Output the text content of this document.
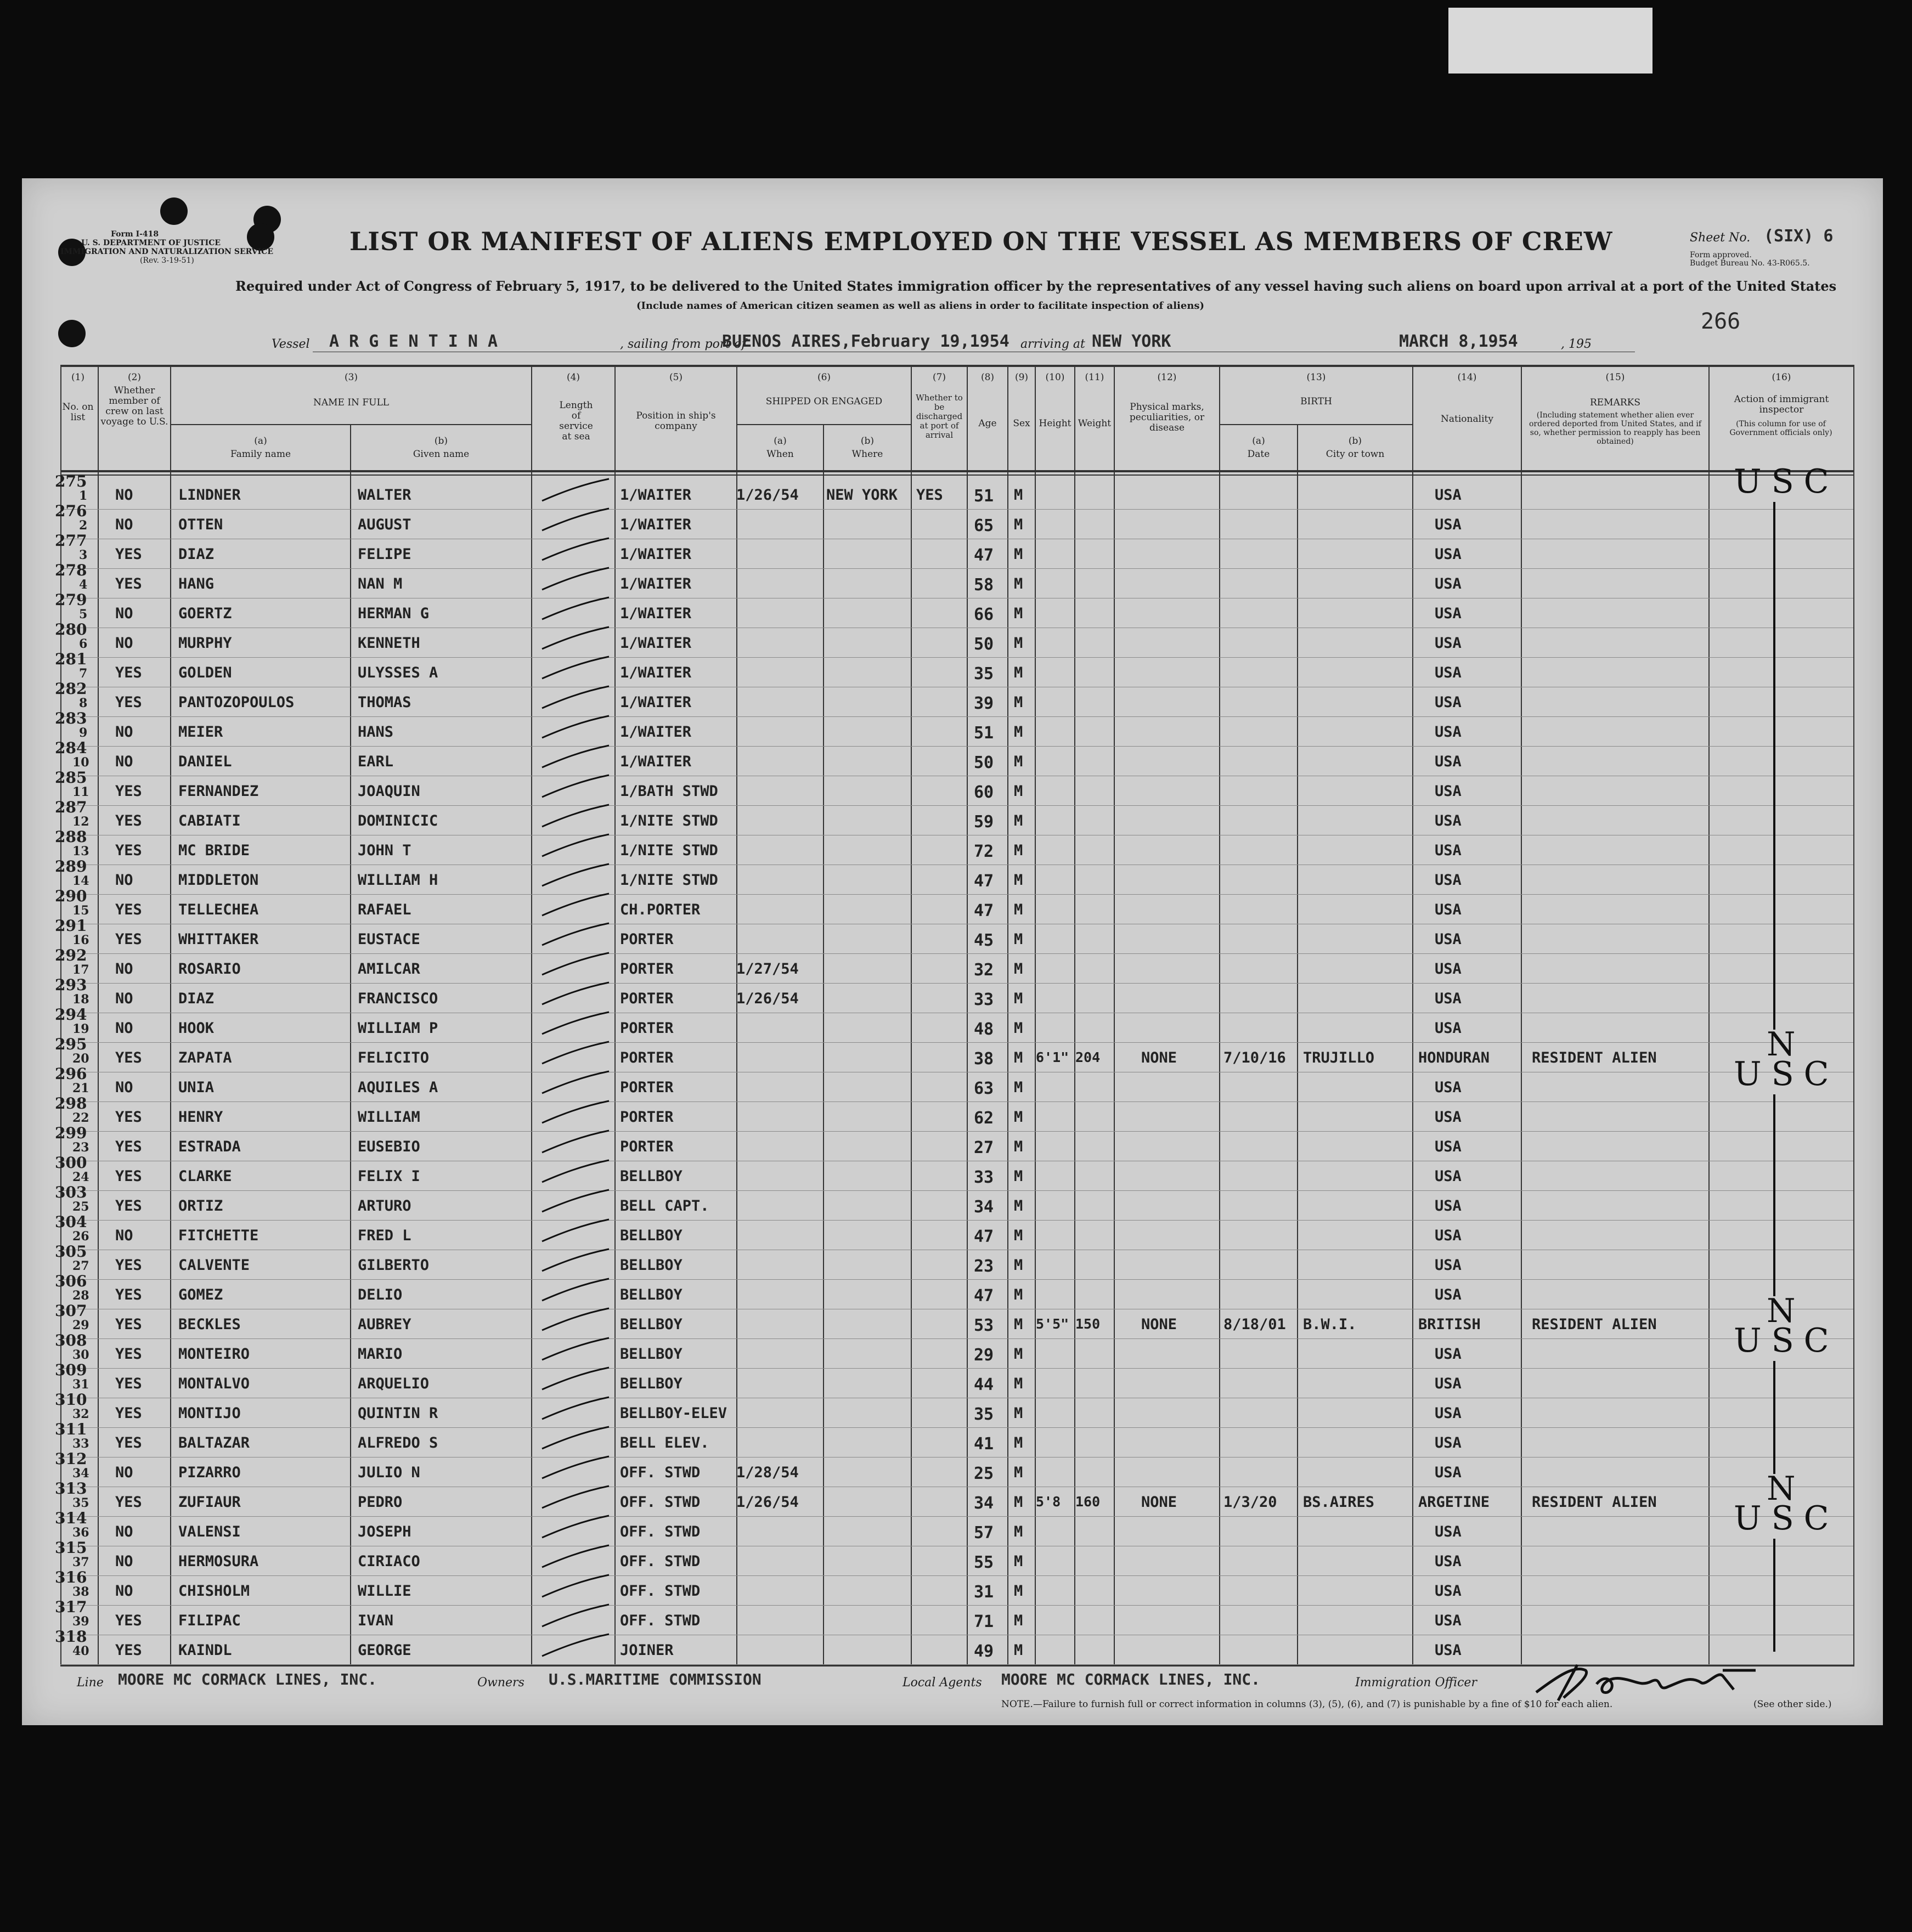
Form I-418
U. S. DEPARTMENT OF JUSTICE
IMMIGRATION AND NATURALIZATION SERVICE
(Rev. 3-19-51)
LIST OR MANIFEST OF ALIENS EMPLOYED ON THE VESSEL AS MEMBERS OF CREW	Sheet No. (SIX) 6
Form approved.
Budget Bureau No. 43-R065.5.
Required under Act of Congress of February 5, 1917, to be delivered to the United States immigration officer by the representatives of any vessel having such aliens on board upon arrival at a port of the United States
(Include names of American citizen seamen as well as aliens in order to facilitate inspection of aliens)
266
Vessel A R G E N T I N A	, sailing from port of
BUENOS AIRES,February 19,1954 arriving at NEW YORK	MARCH 8,1954	, 195
275
1 NO	LINDNER	WALTER	1/WAITER	1/26/54 NEW YORK YES 51 M	USA
276
2 NO	OTTEN	AUGUST	1/WAITER	65 M	USA
277
3 YES DIAZ	FELIPE	1/WAITER	47 M	USA
278
4 YES HANG	NAN M	1/WAITER	58 M	USA
279
5 NO	GOERTZ	HERMAN G	1/WAITER	66 M	USA
280
6 NO	MURPHY	KENNETH	1/WAITER	50 M	USA
281
7 YES GOLDEN	ULYSSES A	1/WAITER	35 M	USA
282
8 YES PANTOZOPOULOS	THOMAS	1/WAITER	39 M	USA
283
9 NO	MEIER	HANS	1/WAITER	51 M	USA
284
10 NO	DANIEL	EARL	1/WAITER	50 M	USA
285
11 YES FERNANDEZ	JOAQUIN	1/BATH STWD	60 M	USA
287
12 YES CABIATI	DOMINICIC	1/NITE STWD	59 M	USA
288
13 YES MC BRIDE	JOHN T	1/NITE STWD	72 M	USA
289
14 NO	MIDDLETON	WILLIAM H	1/NITE STWD	47 M	USA
290
15 YES TELLECHEA	RAFAEL	CH.PORTER	47 M	USA
291
16 YES WHITTAKER	EUSTACE	PORTER	45 M	USA
292
17 NO	ROSARIO	AMILCAR	PORTER	1/27/54	32 M	USA
293
18 NO	DIAZ	FRANCISCO	PORTER	1/26/54	33 M	USA
294
19 NO	HOOK	WILLIAM P	PORTER	48 M	USA
295
20 YES ZAPATA	FELICITO	PORTER	38 M 6'1" 204	NONE	7/10/16 TRUJILLO	HONDURAN	RESIDENT ALIEN
296
21 NO	UNIA	AQUILES A	PORTER	63 M	USA
298
22 YES HENRY	WILLIAM	PORTER	62 M	USA
299
23 YES ESTRADA	EUSEBIO	PORTER	27 M	USA
300
24 YES CLARKE	FELIX I	BELLBOY	33 M	USA
303
25 YES ORTIZ	ARTURO	BELL CAPT.	34 M	USA
304
26 NO	FITCHETTE	FRED L	BELLBOY	47 M	USA
305
27 YES CALVENTE	GILBERTO	BELLBOY	23 M	USA
306
28 YES GOMEZ	DELIO	BELLBOY	47 M	USA
307
29 YES BECKLES	AUBREY	BELLBOY	53 M 5'5" 150	NONE	8/18/01 B.W.I.	BRITISH	RESIDENT ALIEN
308
30 YES MONTEIRO	MARIO	BELLBOY	29 M	USA
309
31 YES MONTALVO	ARQUELIO	BELLBOY	44 M	USA
310
32 YES MONTIJO	QUINTIN R	BELLBOY-ELEV	35 M	USA
311
33 YES BALTAZAR	ALFREDO S	BELL ELEV.	41 M	USA
312
34 NO	PIZARRO	JULIO N	OFF. STWD 1/28/54	25 M	USA
313
35 YES ZUFIAUR	PEDRO	OFF. STWD 1/26/54	34 M 5'8 160	NONE	1/3/20 BS.AIRES	ARGETINE	RESIDENT ALIEN
314
36 NO	VALENSI	JOSEPH	OFF. STWD	57 M	USA
315
37 NO	HERMOSURA	CIRIACO	OFF. STWD	55 M	USA
316
38 NO	CHISHOLM	WILLIE	OFF. STWD	31 M	USA
317
39 YES FILIPAC	IVAN	OFF. STWD	71 M	USA
318
40 YES KAINDL	GEORGE	JOINER	49 M	USA
USC
N
USC
N
USC
N
USC
(1)
No. on list
(2)
Whether member of crew on last voyage to U.S.
(3)
NAME IN FULL
(a)
Family name
(b)
Given name
(4)
Length of service at sea
(5)
Position in ship's company
(6)
SHIPPED OR ENGAGED
(a)
When
(b)
Where
(7)
Whether to be discharged at port of arrival
(8)
Age
(9)
Sex
(10)
Height
(11)
Weight
(12)
Physical marks, peculiarities, or disease
(13)
BIRTH
(a)
Date
(b)
City or town
(14)
Nationality
(15)
REMARKS
(Including statement whether alien ever ordered deported from United States, and if so, whether permission to reapply has been obtained)
(16)
Action of immigrant inspector
(This column for use of Government officials only)
Line MOORE MC CORMACK LINES, INC.	Owners U.S.MARITIME COMMISSION	Local Agents MOORE MC CORMACK LINES, INC.	Immigration Officer
NOTE.—Failure to furnish full or correct information in columns (3), (5), (6), and (7) is punishable by a fine of $10 for each alien.	(See other side.)
